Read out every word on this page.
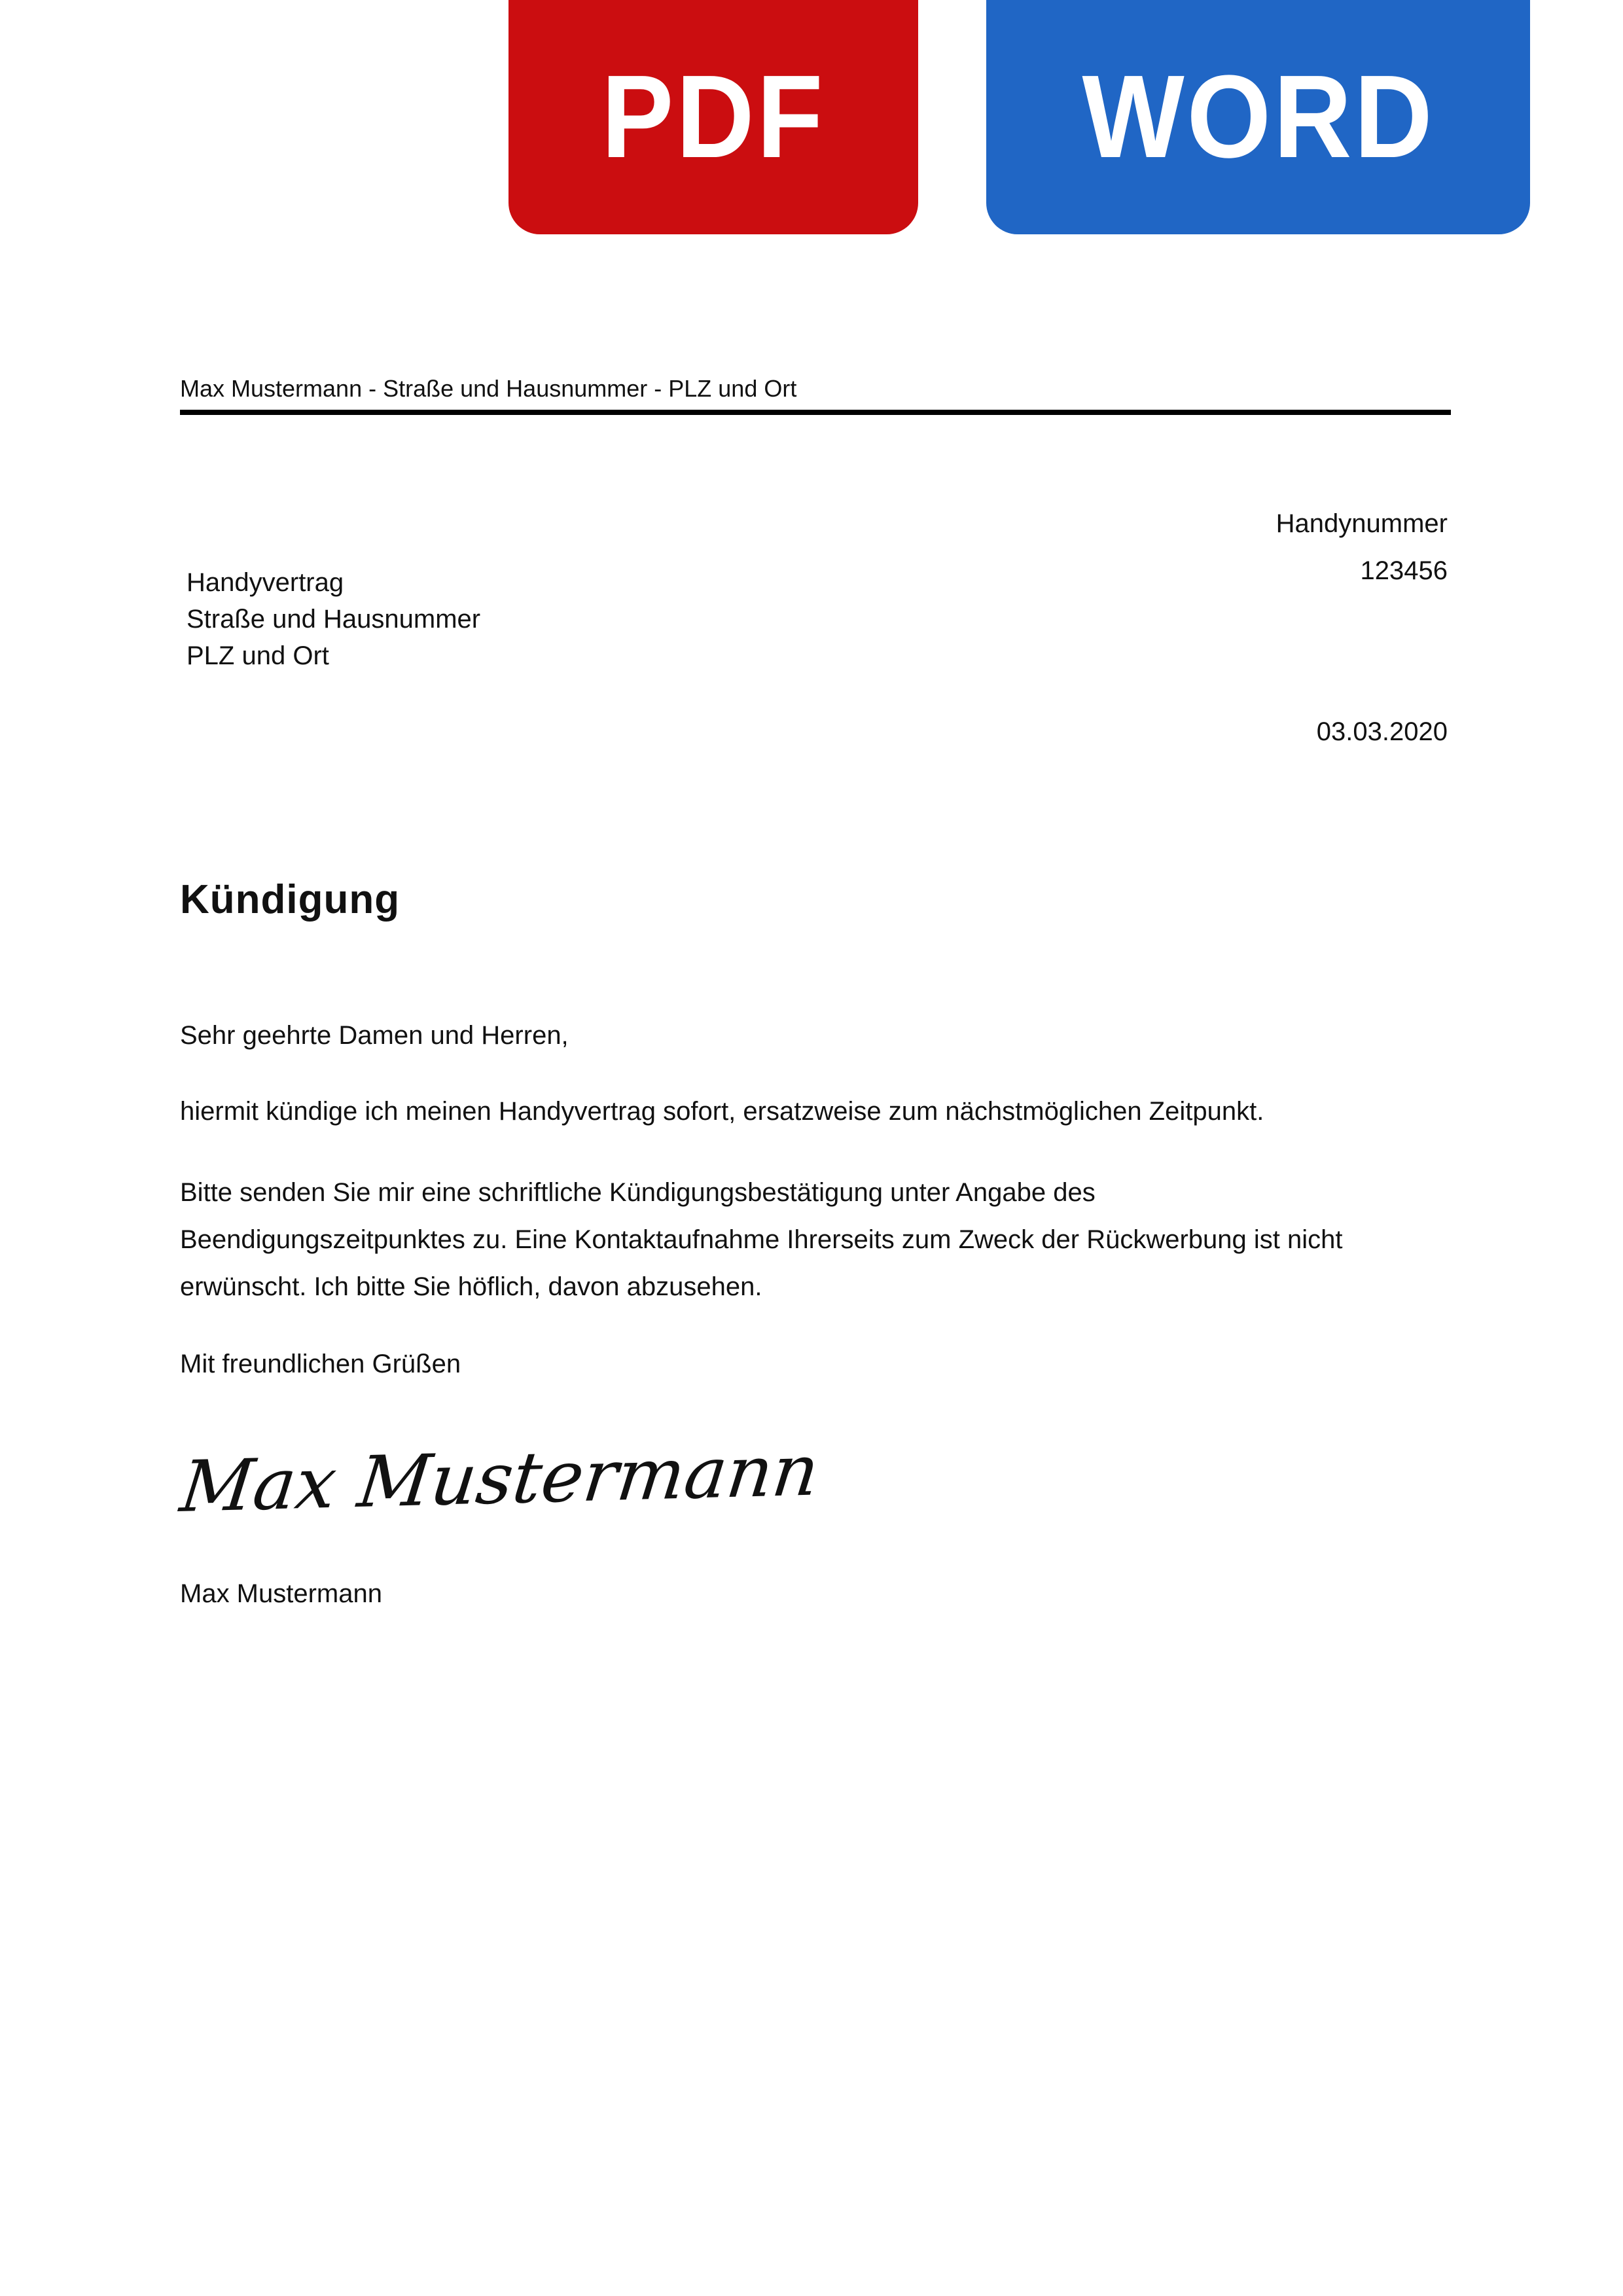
PDF WORD
Max Mustermann - Straße und Hausnummer - PLZ und Ort
Handynummer
123456
Handyvertrag
Straße und Hausnummer
PLZ und Ort
03.03.2020
Kündigung
Sehr geehrte Damen und Herren,
hiermit kündige ich meinen Handyvertrag sofort, ersatzweise zum nächstmöglichen Zeitpunkt.
Bitte senden Sie mir eine schriftliche Kündigungsbestätigung unter Angabe des
Beendigungszeitpunktes zu. Eine Kontaktaufnahme Ihrerseits zum Zweck der Rückwerbung ist nicht
erwünscht. Ich bitte Sie höflich, davon abzusehen.
Mit freundlichen Grüßen
Max Mustermann
Max Mustermann
